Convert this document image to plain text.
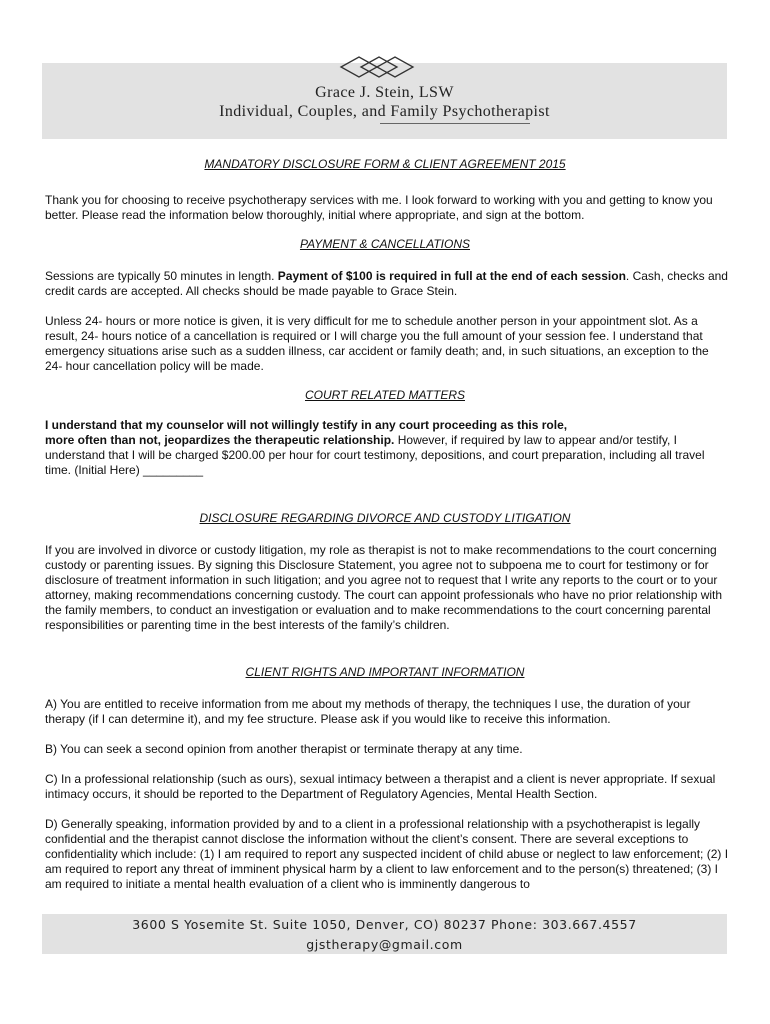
Grace J. Stein, LSW
Individual, Couples, and Family Psychotherapist
MANDATORY DISCLOSURE FORM & CLIENT AGREEMENT 2015
Thank you for choosing to receive psychotherapy services with me. I look forward to working with you and getting to know you better. Please read the information below thoroughly, initial where appropriate, and sign at the bottom.
PAYMENT & CANCELLATIONS
Sessions are typically 50 minutes in length. Payment of $100 is required in full at the end of each session. Cash, checks and credit cards are accepted. All checks should be made payable to Grace Stein.
Unless 24- hours or more notice is given, it is very difficult for me to schedule another person in your appointment slot. As a result, 24- hours notice of a cancellation is required or I will charge you the full amount of your session fee. I understand that emergency situations arise such as a sudden illness, car accident or family death; and, in such situations, an exception to the 24- hour cancellation policy will be made.
COURT RELATED MATTERS
I understand that my counselor will not willingly testify in any court proceeding as this role,
more often than not, jeopardizes the therapeutic relationship. However, if required by law to appear and/or testify, I understand that I will be charged $200.00 per hour for court testimony, depositions, and court preparation, including all travel time. (Initial Here) _________
DISCLOSURE REGARDING DIVORCE AND CUSTODY LITIGATION
If you are involved in divorce or custody litigation, my role as therapist is not to make recommendations to the court concerning custody or parenting issues. By signing this Disclosure Statement, you agree not to subpoena me to court for testimony or for disclosure of treatment information in such litigation; and you agree not to request that I write any reports to the court or to your attorney, making recommendations concerning custody. The court can appoint professionals who have no prior relationship with the family members, to conduct an investigation or evaluation and to make recommendations to the court concerning parental responsibilities or parenting time in the best interests of the family’s children.
CLIENT RIGHTS AND IMPORTANT INFORMATION
A) You are entitled to receive information from me about my methods of therapy, the techniques I use, the duration of your therapy (if I can determine it), and my fee structure. Please ask if you would like to receive this information.
B) You can seek a second opinion from another therapist or terminate therapy at any time.
C) In a professional relationship (such as ours), sexual intimacy between a therapist and a client is never appropriate. If sexual intimacy occurs, it should be reported to the Department of Regulatory Agencies, Mental Health Section.
D) Generally speaking, information provided by and to a client in a professional relationship with a psychotherapist is legally confidential and the therapist cannot disclose the information without the client’s consent. There are several exceptions to confidentiality which include: (1) I am required to report any suspected incident of child abuse or neglect to law enforcement; (2) I am required to report any threat of imminent physical harm by a client to law enforcement and to the person(s) threatened; (3) I am required to initiate a mental health evaluation of a client who is imminently dangerous to
3600 S Yosemite St. Suite 1050, Denver, CO) 80237 Phone: 303.667.4557
gjstherapy@gmail.com
